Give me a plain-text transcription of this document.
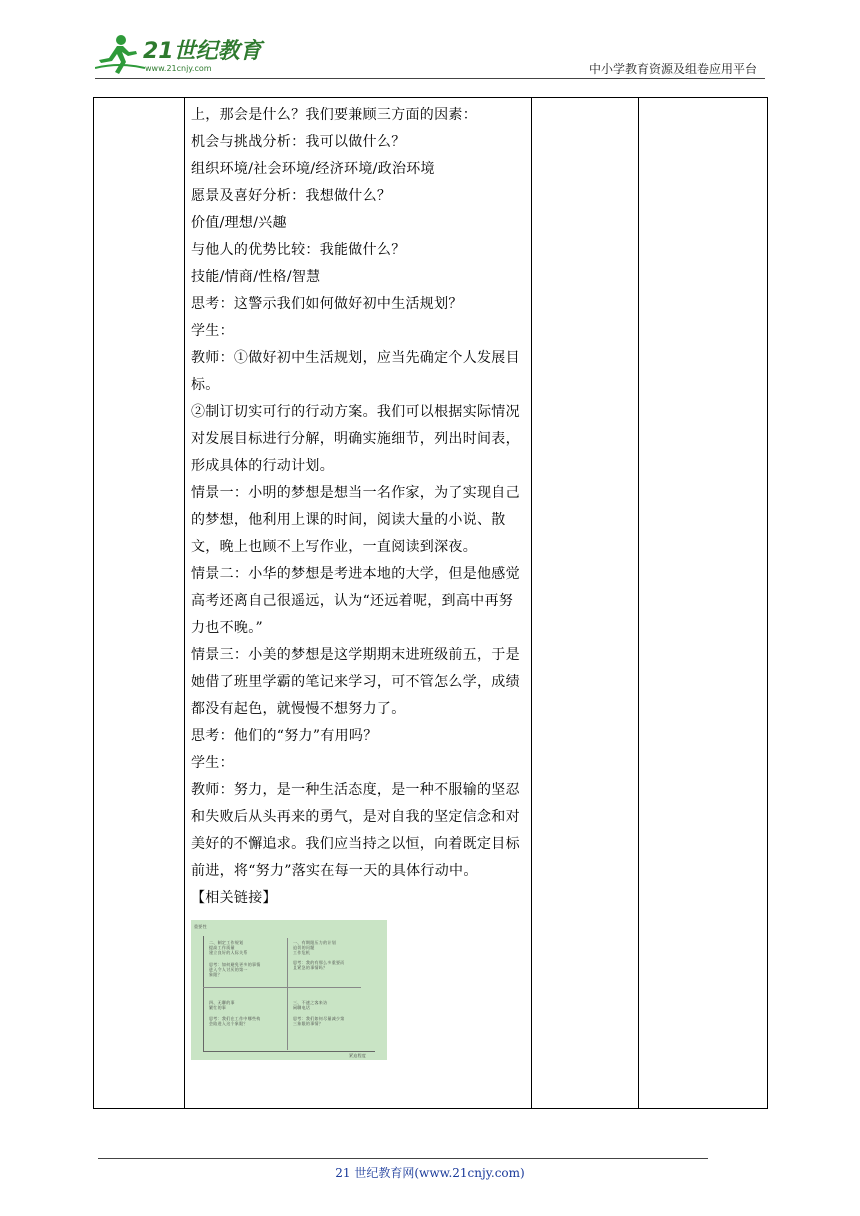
21世纪教育
www.21cnjy.com	中小学教育资源及组卷应用平台

上，那会是什么？我们要兼顾三方面的因素：

机会与挑战分析：我可以做什么？

组织环境/社会环境/经济环境/政治环境

愿景及喜好分析：我想做什么？

价值/理想/兴趣

与他人的优势比较：我能做什么？

技能/情商/性格/智慧

思考：这警示我们如何做好初中生活规划？

学生：

教师：①做好初中生活规划，应当先确定个人发展目标。

②制订切实可行的行动方案。我们可以根据实际情况对发展目标进行分解，明确实施细节，列出时间表，形成具体的行动计划。

情景一：小明的梦想是想当一名作家，为了实现自己的梦想，他利用上课的时间，阅读大量的小说、散文，晚上也顾不上写作业，一直阅读到深夜。

情景二：小华的梦想是考进本地的大学，但是他感觉高考还离自己很遥远，认为“还远着呢，到高中再努力也不晚。”

情景三：小美的梦想是这学期期末进班级前五，于是她借了班里学霸的笔记来学习，可不管怎么学，成绩都没有起色，就慢慢不想努力了。

思考：他们的“努力”有用吗？

学生：

教师：努力，是一种生活态度，是一种不服输的坚忍和失败后从头再来的勇气，是对自我的坚定信念和对美好的不懈追求。我们应当持之以恒，向着既定目标前进，将“努力”落实在每一天的具体行动中。

【相关链接】

重要性
二、制定工作规划
提高工作质量
建立良好的人际关系
思考：如何避免更多的事情
进入令人讨厌的第一
象限？
一、有期限压力的计划
迫切的问题
工作危机
思考：我的有那么多重要而
且紧急的事情吗？
四、无聊的事
繁忙的事
思考：我们在工作中哪些构
会陷进入这个象限？
三、不速之客来访
闲聊电话
思考：我们如何尽量减少第
三象限的事情？
紧迫程度

21 世纪教育网(www.21cnjy.com)
